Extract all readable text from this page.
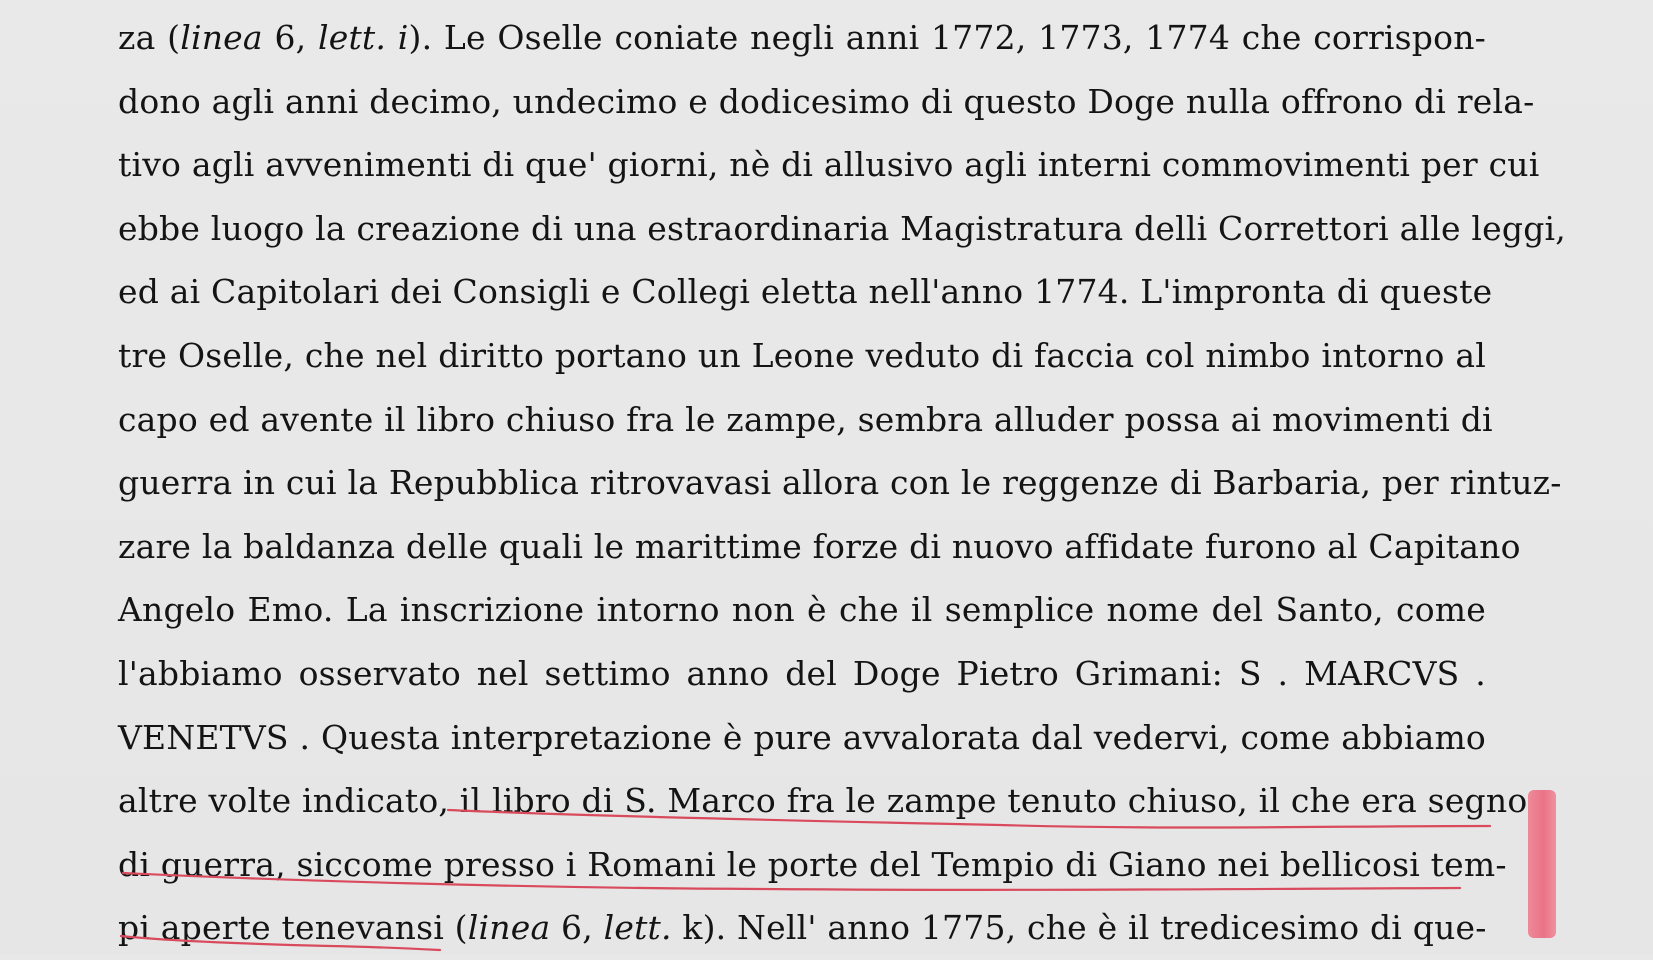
za (linea 6, lett. i). Le Oselle coniate negli anni 1772, 1773, 1774 che corrispon-
dono agli anni decimo, undecimo e dodicesimo di questo Doge nulla offrono di rela-
tivo agli avvenimenti di que' giorni, nè di allusivo agli interni commovimenti per cui
ebbe luogo la creazione di una estraordinaria Magistratura delli Correttori alle leggi,
ed ai Capitolari dei Consigli e Collegi eletta nell'anno 1774. L'impronta di queste
tre Oselle, che nel diritto portano un Leone veduto di faccia col nimbo intorno al
capo ed avente il libro chiuso fra le zampe, sembra alluder possa ai movimenti di
guerra in cui la Repubblica ritrovavasi allora con le reggenze di Barbaria, per rintuz-
zare la baldanza delle quali le marittime forze di nuovo affidate furono al Capitano
Angelo Emo. La inscrizione intorno non è che il semplice nome del Santo, come
l'abbiamo osservato nel settimo anno del Doge Pietro Grimani: S . MARCVS .
VENETVS . Questa interpretazione è pure avvalorata dal vedervi, come abbiamo
altre volte indicato, il libro di S. Marco fra le zampe tenuto chiuso, il che era segno
di guerra, siccome presso i Romani le porte del Tempio di Giano nei bellicosi tem-
pi aperte tenevansi (linea 6, lett. k). Nell' anno 1775, che è il tredicesimo di que-
